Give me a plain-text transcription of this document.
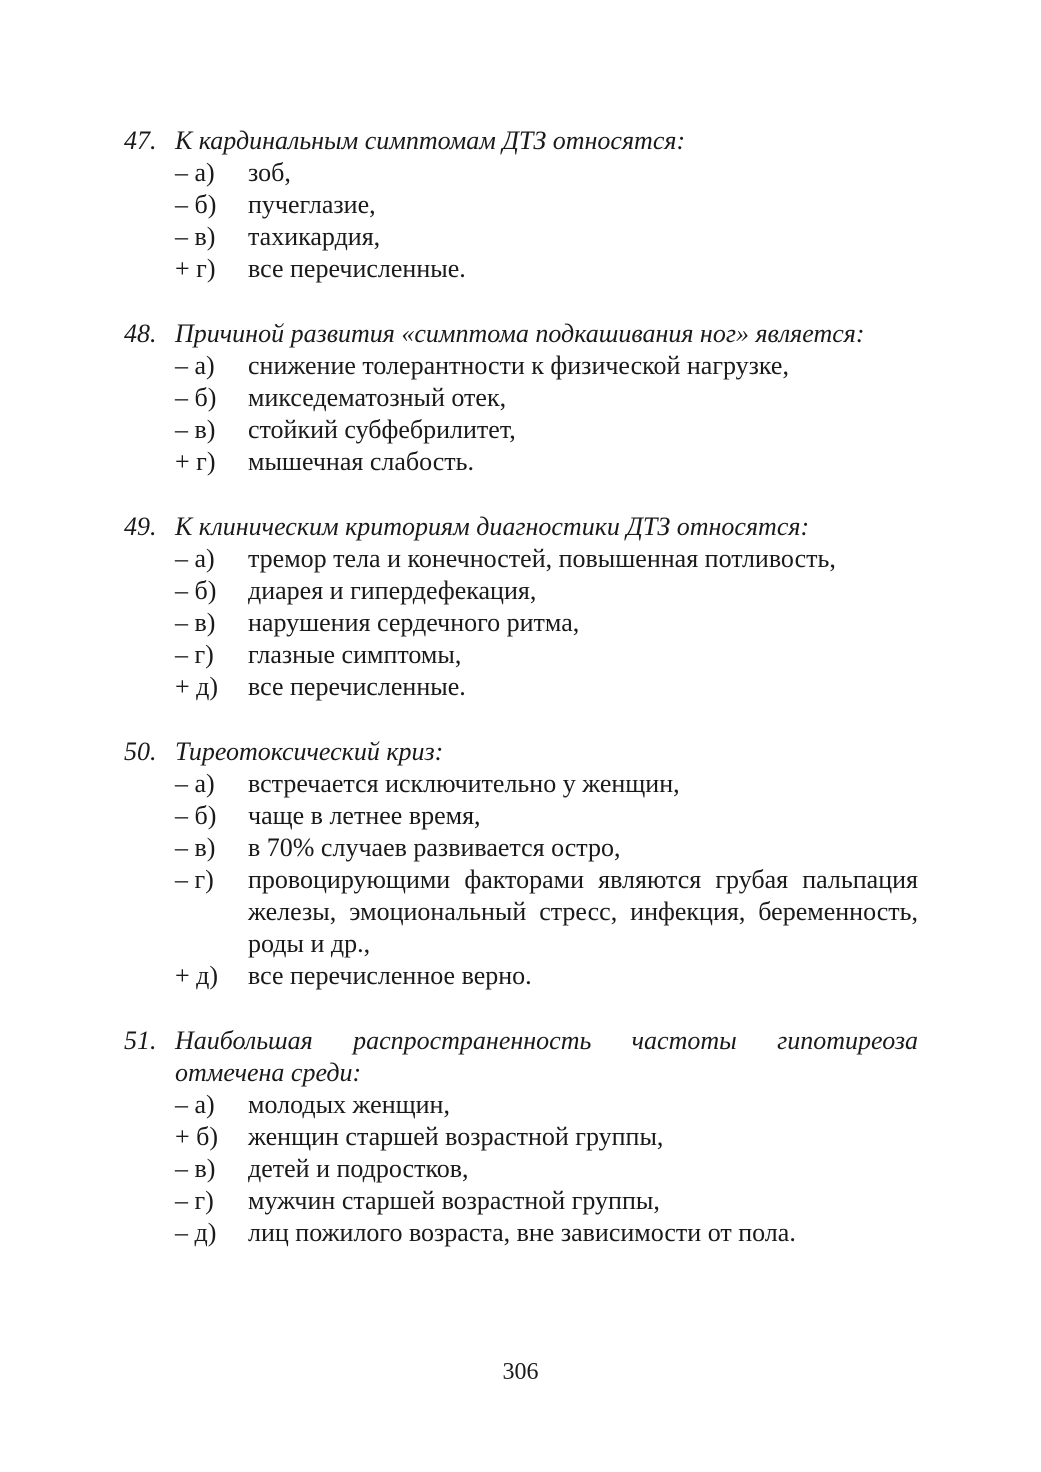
47. К кардинальным симптомам ДТЗ относятся:
– а)	зоб,
– б)	пучеглазие,
– в)	тахикардия,
+ г)	все перечисленные.
48. Причиной развития «симптома подкашивания ног» является:
– а)	снижение толерантности к физической нагрузке,
– б)	микседематозный отек,
– в)	стойкий субфебрилитет,
+ г)	мышечная слабость.
49. К клиническим криториям диагностики ДТЗ относятся:
– а)	тремор тела и конечностей, повышенная потливость,
– б)	диарея и гипердефекация,
– в)	нарушения сердечного ритма,
– г)	глазные симптомы,
+ д)	все перечисленные.
50. Тиреотоксический криз:
– а)	встречается исключительно у женщин,
– б)	чаще в летнее время,
– в)	в 70% случаев развивается остро,
– г)	провоцирующими факторами являются грубая пальпация железы, эмоциональный стресс, инфекция, беременность, роды и др.,
+ д)	все перечисленное верно.
51. Наибольшая распространенность частоты гипотиреоза отмечена среди:
– а)	молодых женщин,
+ б)	женщин старшей возрастной группы,
– в)	детей и подростков,
– г)	мужчин старшей возрастной группы,
– д)	лиц пожилого возраста, вне зависимости от пола.
306
